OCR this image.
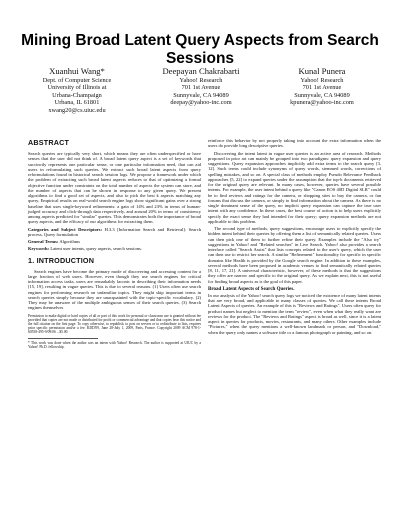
Mining Broad Latent Query Aspects from Search Sessions
Xuanhui Wang*
Dept. of Computer Science
University of Illinois at
Urbana-Champaign
Urbana, IL 61801
xwang20@cs.uiuc.edu
Deepayan Chakrabarti
Yahoo! Research
701 1st Avenue
Sunnyvale, CA 94089
deepay@yahoo-inc.com
Kunal Punera
Yahoo! Research
701 1st Avenue
Sunnyvale, CA 94089
kpunera@yahoo-inc.com
ABSTRACT

Search queries are typically very short, which means they are often underspecified or have senses that the user did not think of. A broad latent query aspect is a set of keywords that succinctly represents one particular sense, or one particular information need, that can aid users in reformulating such queries. We extract such broad latent aspects from query reformulations found in historical search session logs. We propose a framework under which the problem of extracting such broad latent aspects reduces to that of optimizing a formal objective function under constraints on the total number of aspects the system can store, and the number of aspects that can be shown in response to any given query. We present algorithms to find a good set of aspects, and also to pick the best k aspects matching any query. Empirical results on real-world search engine logs show significant gains over a strong baseline that uses single-keyword refinements: a gain of 14% and 23% in terms of human-judged accuracy and click-through data respectively, and around 20% in terms of consistency among aspects predicted for "similar" queries. This demonstrates both the importance of broad query aspects, and the efficacy of our algorithms for extracting them.

Categories and Subject Descriptors: H.3.3 [Information Search and Retrieval]: Search process, Query formulation

General Terms: Algorithms

Keywords: Latent user intents, query aspects, search sessions.

1. INTRODUCTION

Search engines have become the primary mode of discovering and accessing content for a large fraction of web users. However, even though they use search engines for critical information access tasks, users are remarkably laconic in describing their information needs [15, 19], resulting in vague queries. This is due to several reasons. (1) Users often use search engines for performing research on unfamiliar topics. They might skip important terms in search queries simply because they are unacquainted with the topic-specific vocabulary. (2) They may be unaware of the multiple ambiguous senses of their search queries. (3) Search engines themselves

Permission to make digital or hard copies of all or part of this work for personal or classroom use is granted without fee provided that copies are not made or distributed for profit or commercial advantage and that copies bear this notice and the full citation on the first page. To copy otherwise, to republish, to post on servers or to redistribute to lists, requires prior specific permission and/or a fee. KDD'09, June 28-July 1, 2009, Paris, France. Copyright 2009 ACM 978-1-60558-495-9/09/06 ...$5.00.

* This work was done when the author was an intern with Yahoo! Research. The author is supported at UIUC by a Yahoo! Ph.D. fellowship.

reinforce this behavior by not properly taking into account the extra information when the users do provide long descriptive queries.

Discovering the intent latent in vague user queries is an active area of research. Methods proposed in prior art can mainly be grouped into two paradigms: query expansion and query suggestions. Query expansion approaches implicitly add extra terms to the search query [3, 12]. Such terms could include synonyms of query words, stemmed words, corrections of spelling mistakes, and so on. A special class of methods employ Pseudo Relevance Feedback approaches [5, 22] to expand queries under the assumption that the top-k documents retrieved for the original query are relevant. In many cases, however, queries have several possible intents. For example, the user intent behind a query like "Canon EOS 40D Digital SLR" could be to find reviews and ratings for the camera, or shopping sites to buy the camera, or fan forums that discuss the camera, or simply to find information about the camera. As there is no single dominant sense of the query, no implicit query expansion can capture the true user intent with any confidence. In these cases, the best course of action is to help users explicitly specify the exact sense they had intended for their query; query expansion methods are not applicable to this problem.

The second type of methods, query suggestions, encourage users to explicitly specify the hidden intent behind their queries by offering them a list of semantically related queries. Users can then pick one of them to further refine their query. Examples include the "Also try" suggestions in Yahoo! and "Related searches" in Live Search. Yahoo! also provides a search interface called "Search Assist" that lists concepts related to the user's query, which the user can then use to restrict her search. A similar "Refinement" functionality for specific in specific domains like Health is provided by the Google search engine. In addition to these examples, several methods have been proposed in academic venues to find semantically related queries [8, 11, 17, 21]. A universal characteristic, however, of these methods is that the suggestions they offer are narrow and specific to the original query. As we explain next, this is not useful for finding broad aspects as is the goal of this paper.

Broad Latent Aspects of Search Queries.

In our analysis of the Yahoo! search query logs we noticed the existence of many latent intents that are very broad, and applicable to many classes of queries. We call these intents Broad Latent Aspects of queries. An example of this is "Reviews and Ratings". Users often query for product names but neglect to mention the term "review", even when what they really want are reviews for the product. The "Reviews and Ratings" aspect is broad as well, since it is a latent aspect in queries for products, movies, restaurants, and many others. Other examples include "Pictures," when the query mentions a well-known landmark or person, and "Download," when the query only names a software title or a famous photograph or painting, and so on.
